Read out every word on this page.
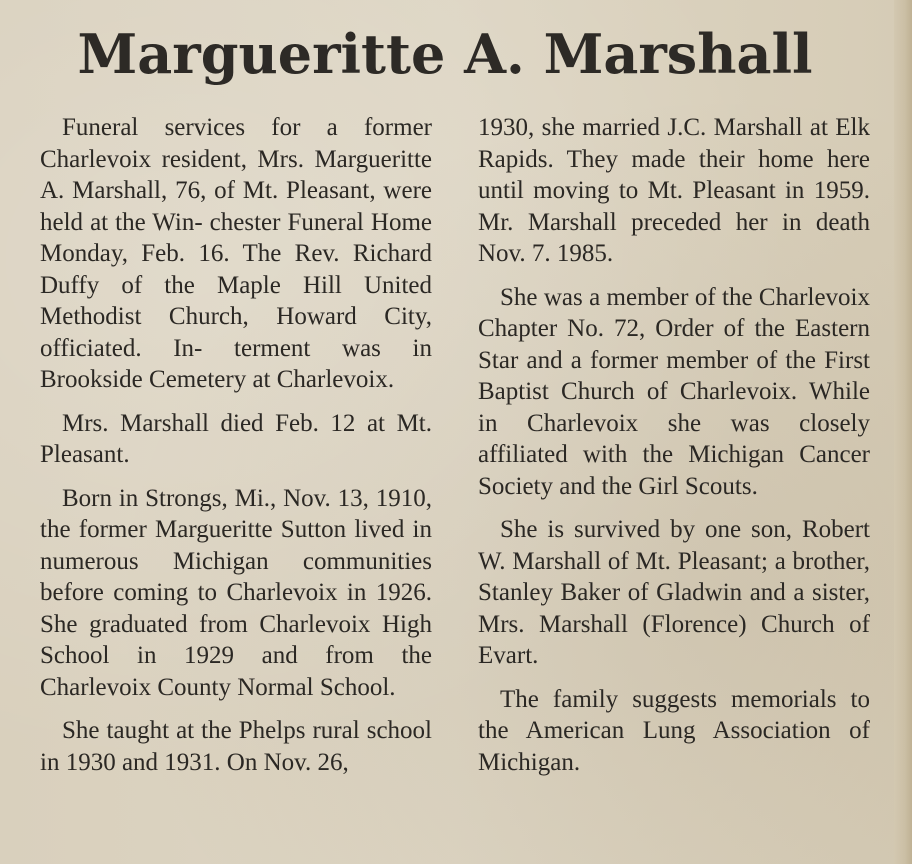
Margueritte A. Marshall

Funeral services for a former Charlevoix resident, Mrs. Margueritte A. Marshall, 76, of Mt. Pleasant, were held at the Win- chester Funeral Home Monday, Feb. 16. The Rev. Richard Duffy of the Maple Hill United Methodist Church, Howard City, officiated. In- terment was in Brookside Cemetery at Charlevoix.

Mrs. Marshall died Feb. 12 at Mt. Pleasant.

Born in Strongs, Mi., Nov. 13, 1910, the former Margueritte Sutton lived in numerous Michigan communities before coming to Charlevoix in 1926. She graduated from Charlevoix High School in 1929 and from the Charlevoix County Normal School.

She taught at the Phelps rural school in 1930 and 1931. On Nov. 26,

1930, she married J.C. Marshall at Elk Rapids. They made their home here until moving to Mt. Pleasant in 1959. Mr. Marshall preceded her in death Nov. 7. 1985.

She was a member of the Charlevoix Chapter No. 72, Order of the Eastern Star and a former member of the First Baptist Church of Charlevoix. While in Charlevoix she was closely affiliated with the Michigan Cancer Society and the Girl Scouts.

She is survived by one son, Robert W. Marshall of Mt. Pleasant; a brother, Stanley Baker of Gladwin and a sister, Mrs. Marshall (Florence) Church of Evart.

The family suggests memorials to the American Lung Association of Michigan.
